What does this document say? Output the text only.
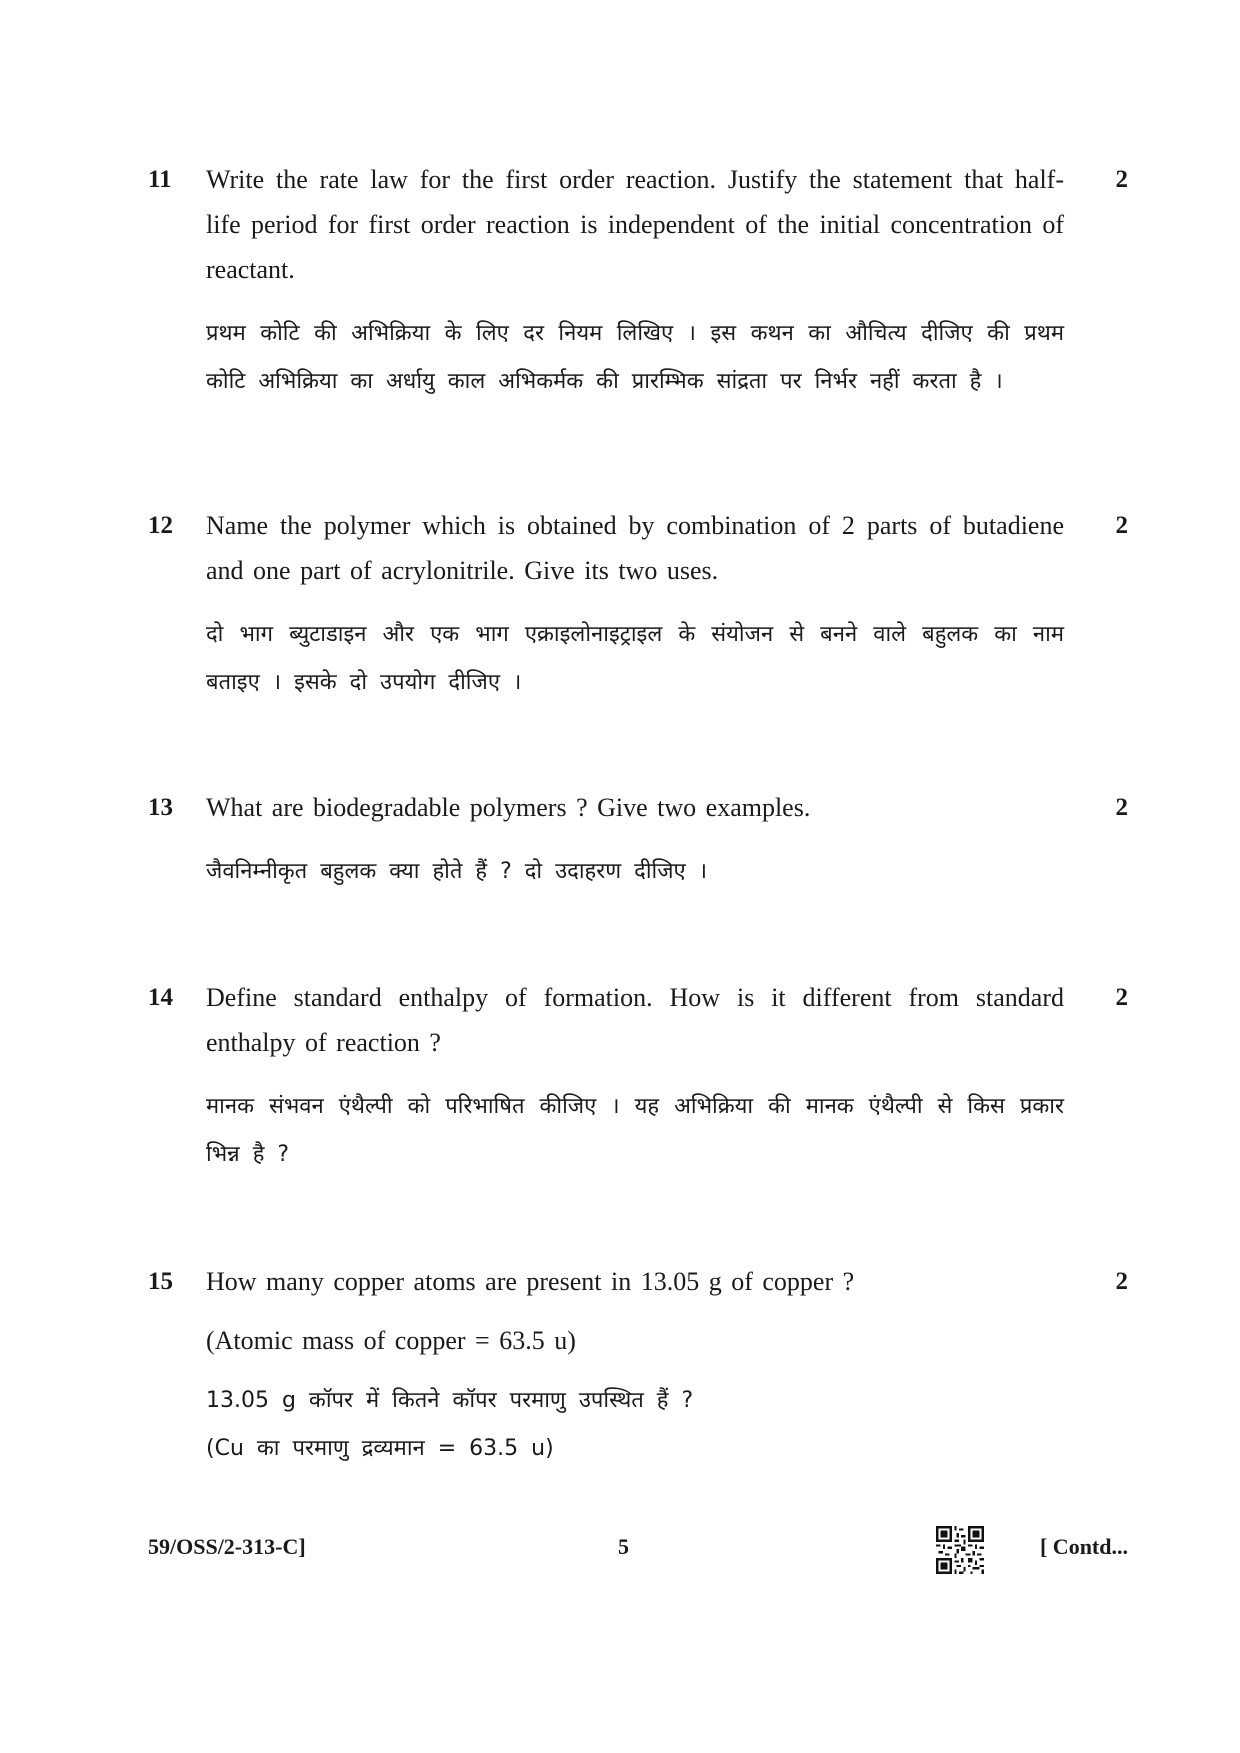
11	2

Write the rate law for the first order reaction. Justify the statement that half-life period for first order reaction is independent of the initial concentration of reactant.

प्रथम कोटि की अभिक्रिया के लिए दर नियम लिखिए । इस कथन का औचित्य दीजिए की प्रथम कोटि अभिक्रिया का अर्धायु काल अभिकर्मक की प्रारम्भिक सांद्रता पर निर्भर नहीं करता है ।

12	2

Name the polymer which is obtained by combination of 2 parts of butadiene and one part of acrylonitrile. Give its two uses.

दो भाग ब्युटाडाइन और एक भाग एक्राइलोनाइट्राइल के संयोजन से बनने वाले बहुलक का नाम बताइए । इसके दो उपयोग दीजिए ।

13	2

What are biodegradable polymers ? Give two examples.

जैवनिम्नीकृत बहुलक क्या होते हैं ? दो उदाहरण दीजिए ।

14	2

Define standard enthalpy of formation. How is it different from standard enthalpy of reaction ?

मानक संभवन एंथैल्पी को परिभाषित कीजिए । यह अभिक्रिया की मानक एंथैल्पी से किस प्रकार भिन्न है ?

15	2

How many copper atoms are present in 13.05 g of copper ?

(Atomic mass of copper = 63.5 u)

13.05 g कॉपर में कितने कॉपर परमाणु उपस्थित हैं ?

(Cu का परमाणु द्रव्यमान = 63.5 u)

59/OSS/2-313-C]	5	[ Contd...
